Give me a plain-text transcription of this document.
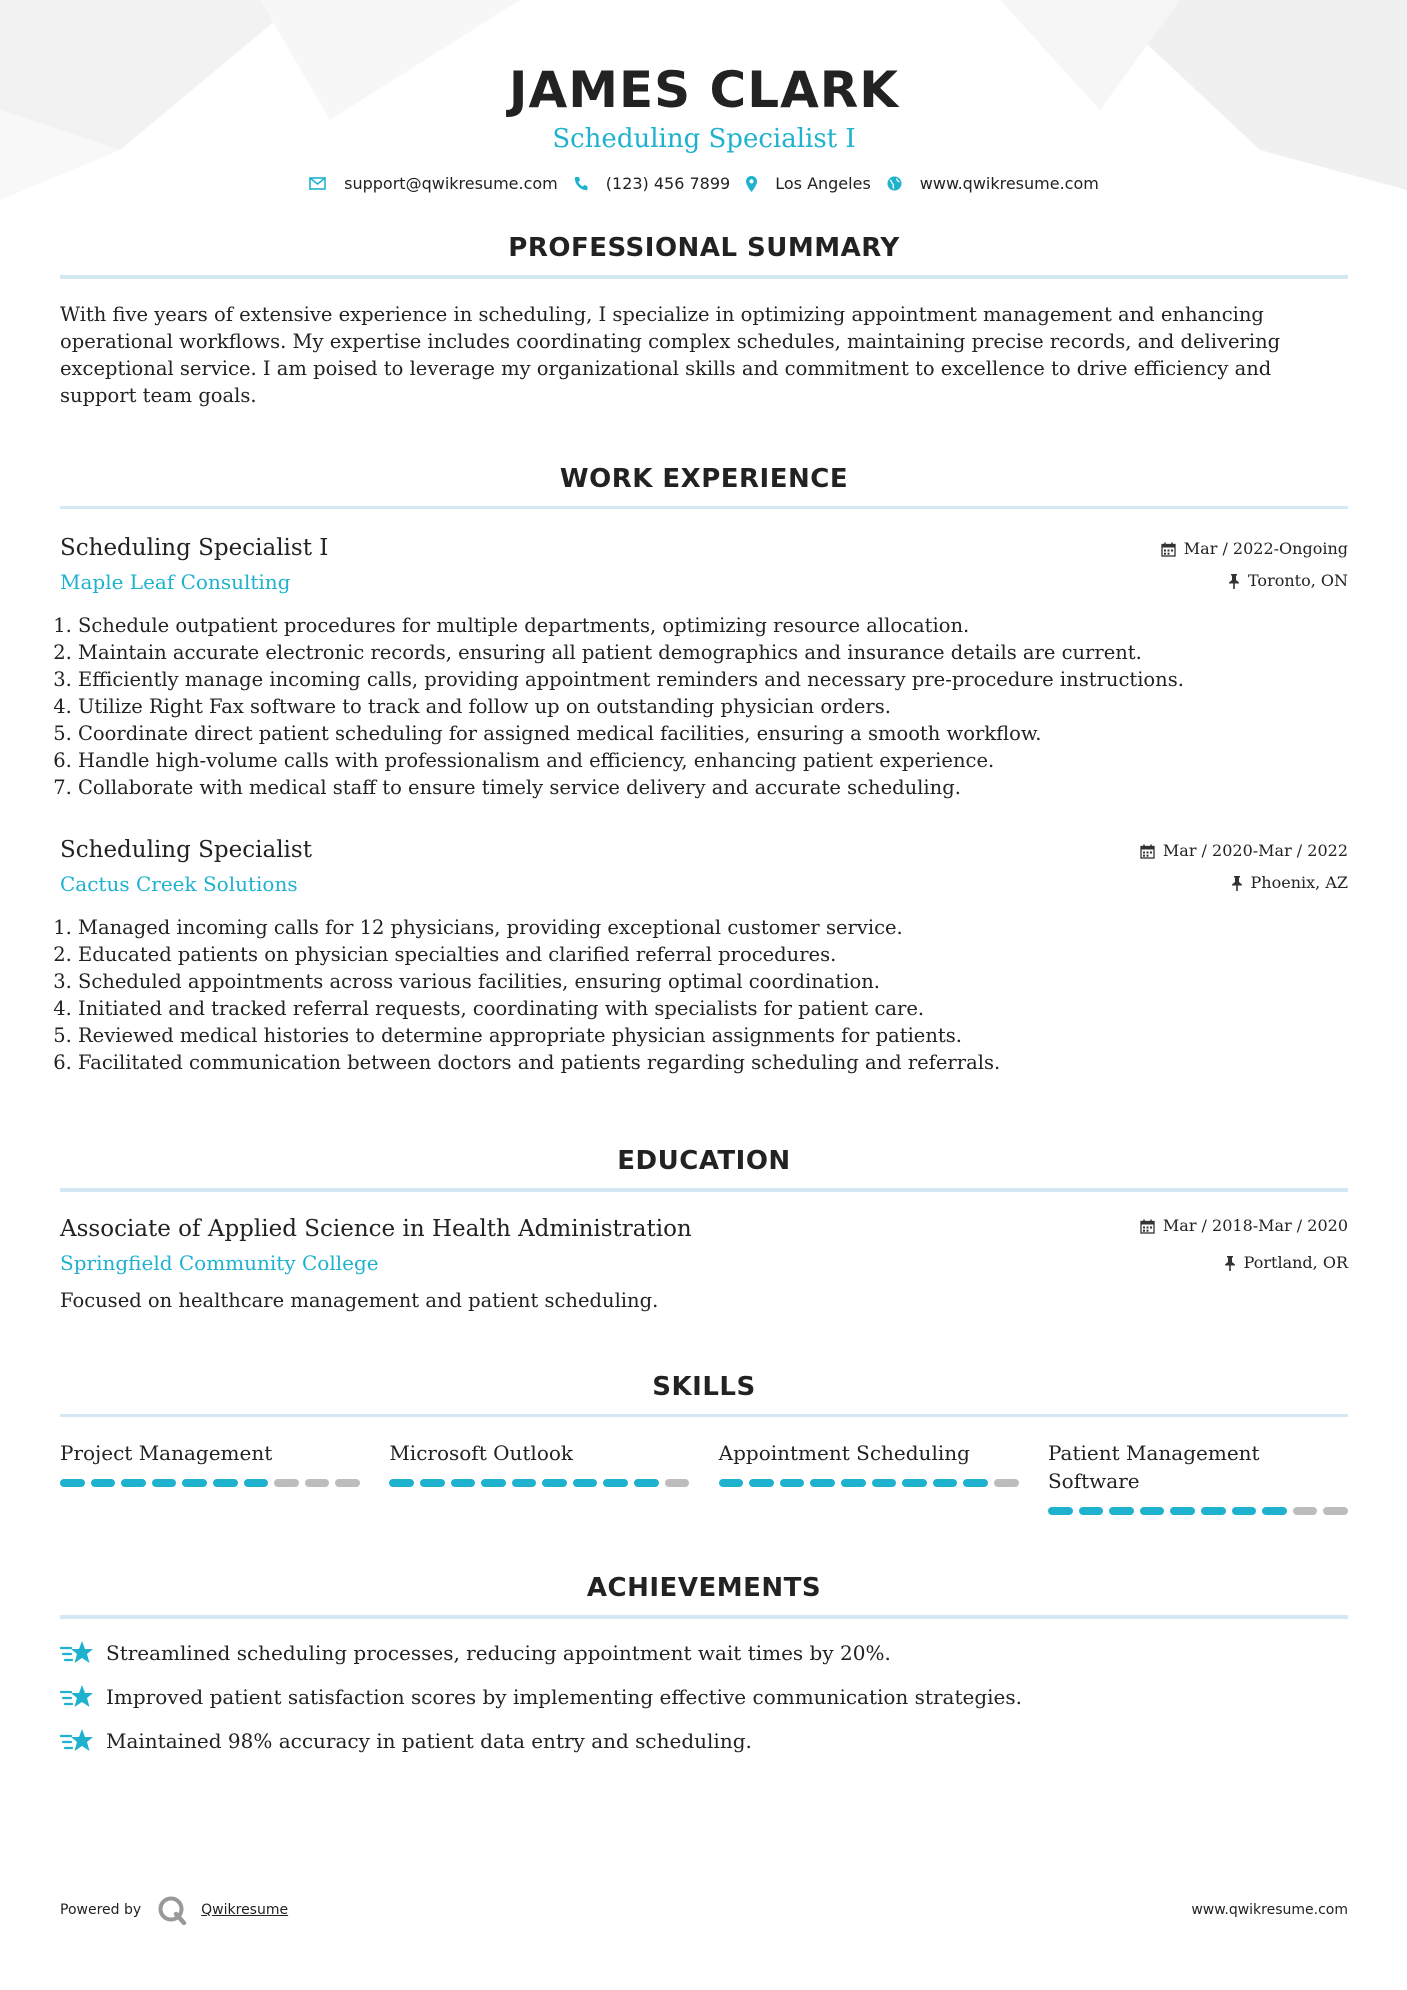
JAMES CLARK
Scheduling Specialist I
support@qwikresume.com	(123) 456 7899	Los Angeles	www.qwikresume.com
PROFESSIONAL SUMMARY
With five years of extensive experience in scheduling, I specialize in optimizing appointment management and enhancing operational workflows. My expertise includes coordinating complex schedules, maintaining precise records, and delivering exceptional service. I am poised to leverage my organizational skills and commitment to excellence to drive efficiency and support team goals.
WORK EXPERIENCE
Scheduling Specialist I
Maple Leaf Consulting
Mar / 2022-Ongoing
Toronto, ON
1. Schedule outpatient procedures for multiple departments, optimizing resource allocation.
2. Maintain accurate electronic records, ensuring all patient demographics and insurance details are current.
3. Efficiently manage incoming calls, providing appointment reminders and necessary pre-procedure instructions.
4. Utilize Right Fax software to track and follow up on outstanding physician orders.
5. Coordinate direct patient scheduling for assigned medical facilities, ensuring a smooth workflow.
6. Handle high-volume calls with professionalism and efficiency, enhancing patient experience.
7. Collaborate with medical staff to ensure timely service delivery and accurate scheduling.
Scheduling Specialist
Cactus Creek Solutions
Mar / 2020-Mar / 2022
Phoenix, AZ
1. Managed incoming calls for 12 physicians, providing exceptional customer service.
2. Educated patients on physician specialties and clarified referral procedures.
3. Scheduled appointments across various facilities, ensuring optimal coordination.
4. Initiated and tracked referral requests, coordinating with specialists for patient care.
5. Reviewed medical histories to determine appropriate physician assignments for patients.
6. Facilitated communication between doctors and patients regarding scheduling and referrals.
EDUCATION
Associate of Applied Science in Health Administration
Springfield Community College
Mar / 2018-Mar / 2020
Portland, OR
Focused on healthcare management and patient scheduling.
SKILLS
Project Management	Microsoft Outlook	Appointment Scheduling	Patient Management Software
ACHIEVEMENTS
Streamlined scheduling processes, reducing appointment wait times by 20%.
Improved patient satisfaction scores by implementing effective communication strategies.
Maintained 98% accuracy in patient data entry and scheduling.
Powered by	Qwikresume	www.qwikresume.com
